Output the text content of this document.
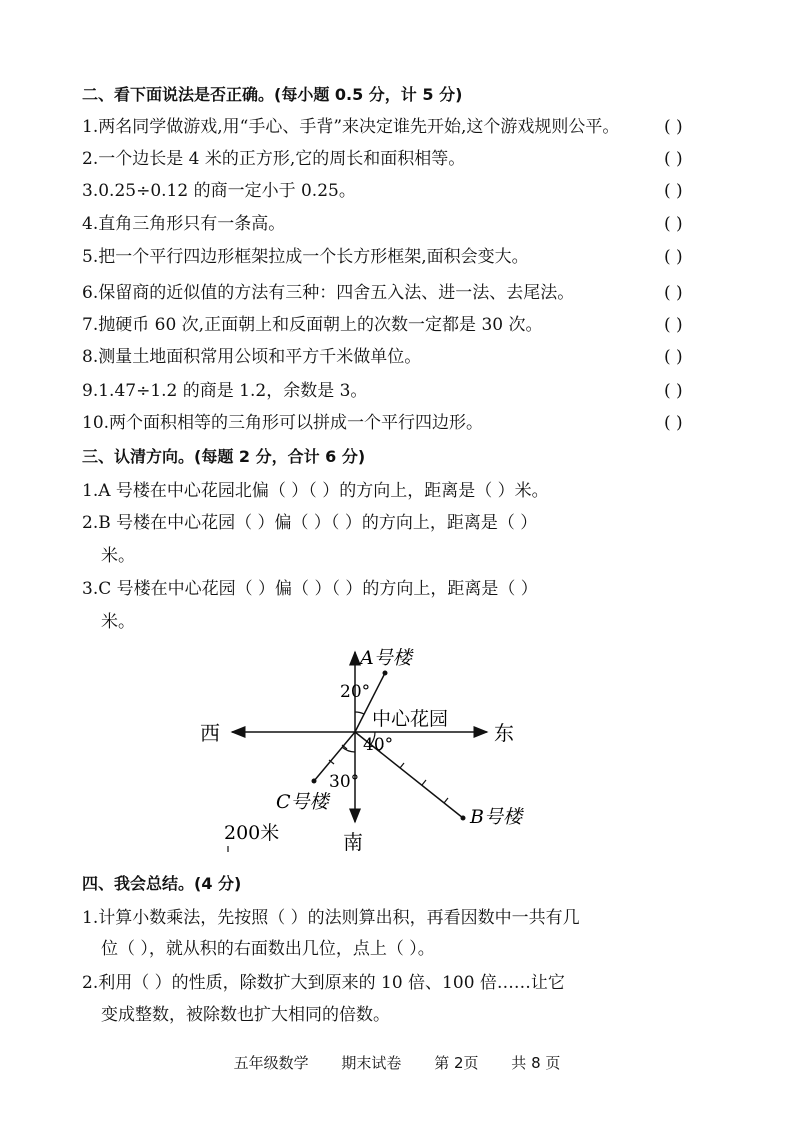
二、看下面说法是否正确。(每小题 0.5 分，计 5 分)
1.两名同学做游戏,用“手心、手背”来决定谁先开始,这个游戏规则公平。	( )
2.一个边长是 4 米的正方形,它的周长和面积相等。	( )
3.0.25÷0.12 的商一定小于 0.25。	( )
4.直角三角形只有一条高。	( )
5.把一个平行四边形框架拉成一个长方形框架,面积会变大。	( )
6.保留商的近似值的方法有三种：四舍五入法、进一法、去尾法。	( )
7.抛硬币 60 次,正面朝上和反面朝上的次数一定都是 30 次。	( )
8.测量土地面积常用公顷和平方千米做单位。	( )
9.1.47÷1.2 的商是 1.2，余数是 3。	( )
10.两个面积相等的三角形可以拼成一个平行四边形。	( )
三、认清方向。(每题 2 分，合计 6 分)
1.A 号楼在中心花园北偏（ ）（ ）的方向上，距离是（ ）米。
2.B 号楼在中心花园（ ）偏（ ）（ ）的方向上，距离是（ ）
米。
3.C 号楼在中心花园（ ）偏（ ）（ ）的方向上，距离是（ ）
米。
A号楼
20°
中心花园
西	东
40°
30°
C号楼
B号楼
200米	南
四、我会总结。(4 分)
1.计算小数乘法，先按照（ ）的法则算出积，再看因数中一共有几
位（ ），就从积的右面数出几位，点上（ ）。
2.利用（ ）的性质，除数扩大到原来的 10 倍、100 倍……让它
变成整数，被除数也扩大相同的倍数。
五年级数学 期末试卷 第 2页 共 8 页
